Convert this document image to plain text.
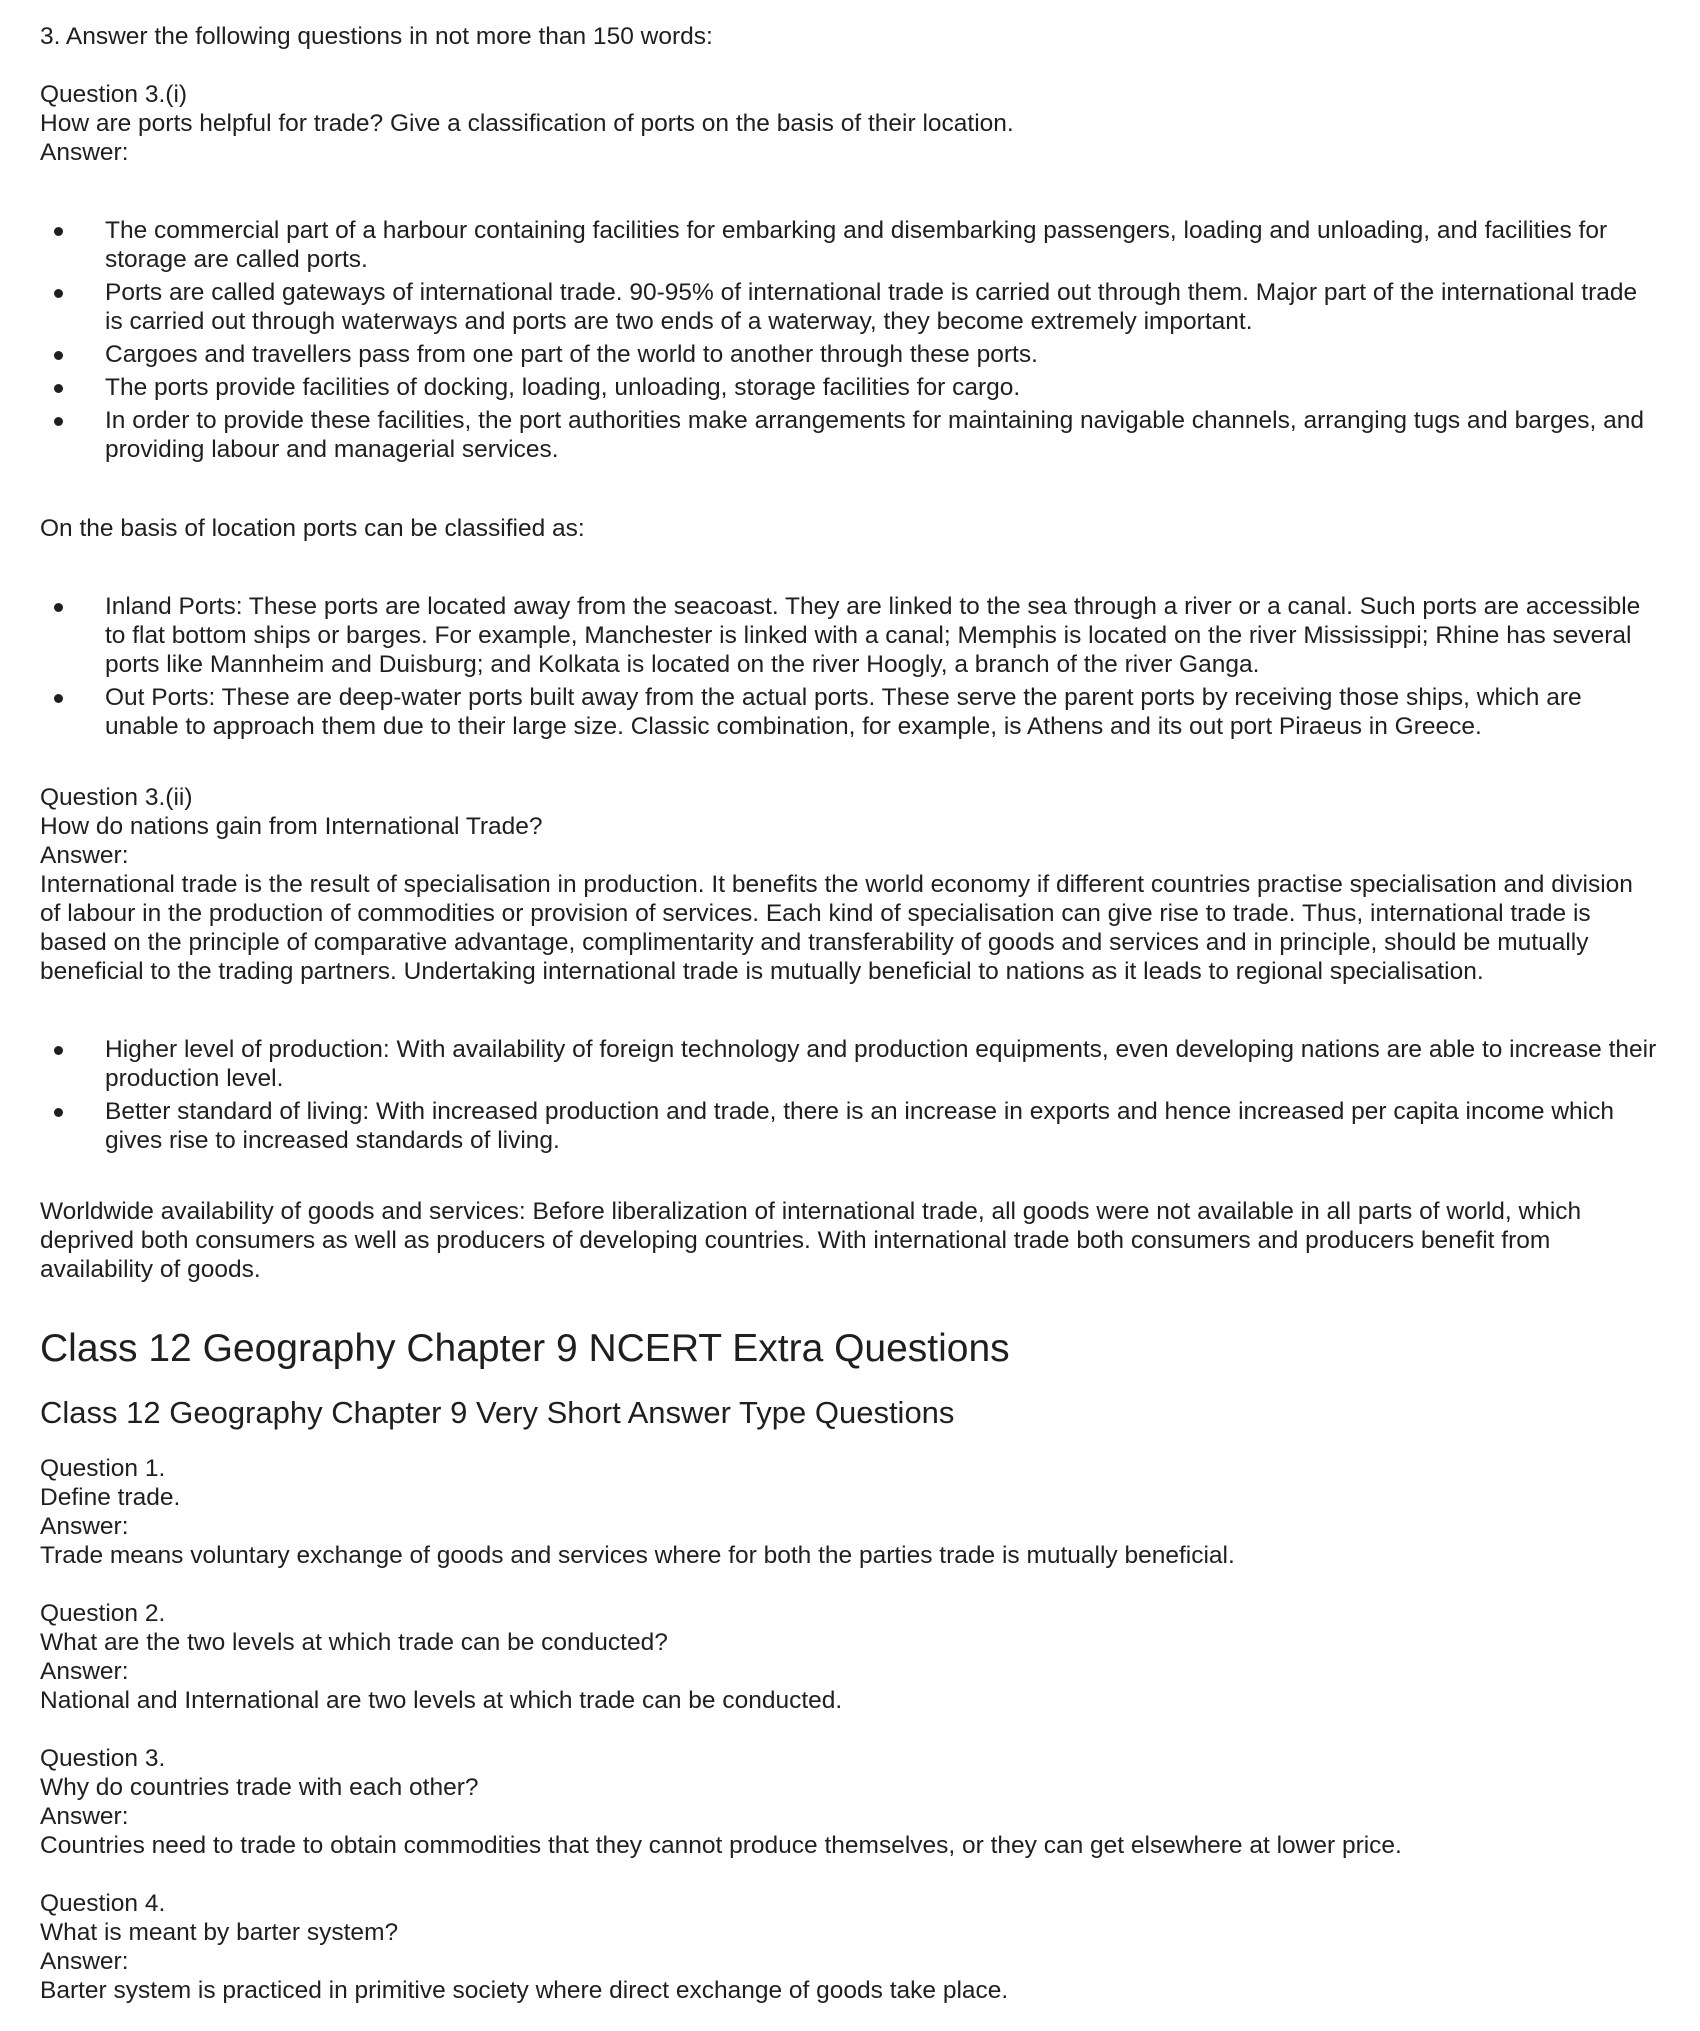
3. Answer the following questions in not more than 150 words:

Question 3.(i)
How are ports helpful for trade? Give a classification of ports on the basis of their location.
Answer:
The commercial part of a harbour containing facilities for embarking and disembarking passengers, loading and unloading, and facilities for storage are called ports.
Ports are called gateways of international trade. 90-95% of international trade is carried out through them. Major part of the international trade is carried out through waterways and ports are two ends of a waterway, they become extremely important.
Cargoes and travellers pass from one part of the world to another through these ports.
The ports provide facilities of docking, loading, unloading, storage facilities for cargo.
In order to provide these facilities, the port authorities make arrangements for maintaining navigable channels, arranging tugs and barges, and providing labour and managerial services.

On the basis of location ports can be classified as:

Inland Ports: These ports are located away from the seacoast. They are linked to the sea through a river or a canal. Such ports are accessible to flat bottom ships or barges. For example, Manchester is linked with a canal; Memphis is located on the river Mississippi; Rhine has several ports like Mannheim and Duisburg; and Kolkata is located on the river Hoogly, a branch of the river Ganga.
Out Ports: These are deep-water ports built away from the actual ports. These serve the parent ports by receiving those ships, which are unable to approach them due to their large size. Classic combination, for example, is Athens and its out port Piraeus in Greece.
Question 3.(ii)
How do nations gain from International Trade?
Answer:

International trade is the result of specialisation in production. It benefits the world economy if different countries practise specialisation and division of labour in the production of commodities or provision of services. Each kind of specialisation can give rise to trade. Thus, international trade is based on the principle of comparative advantage, complimentarity and transferability of goods and services and in principle, should be mutually beneficial to the trading partners. Undertaking international trade is mutually beneficial to nations as it leads to regional specialisation.

Higher level of production: With availability of foreign technology and production equipments, even developing nations are able to increase their production level.
Better standard of living: With increased production and trade, there is an increase in exports and hence increased per capita income which gives rise to increased standards of living.

Worldwide availability of goods and services: Before liberalization of international trade, all goods were not available in all parts of world, which deprived both consumers as well as producers of developing countries. With international trade both consumers and producers benefit from availability of goods.

Class 12 Geography Chapter 9 NCERT Extra Questions
Class 12 Geography Chapter 9 Very Short Answer Type Questions
Question 1.
Define trade.
Answer:
Trade means voluntary exchange of goods and services where for both the parties trade is mutually beneficial.
Question 2.
What are the two levels at which trade can be conducted?
Answer:
National and International are two levels at which trade can be conducted.
Question 3.
Why do countries trade with each other?
Answer:
Countries need to trade to obtain commodities that they cannot produce themselves, or they can get elsewhere at lower price.
Question 4.
What is meant by barter system?
Answer:
Barter system is practiced in primitive society where direct exchange of goods take place.
